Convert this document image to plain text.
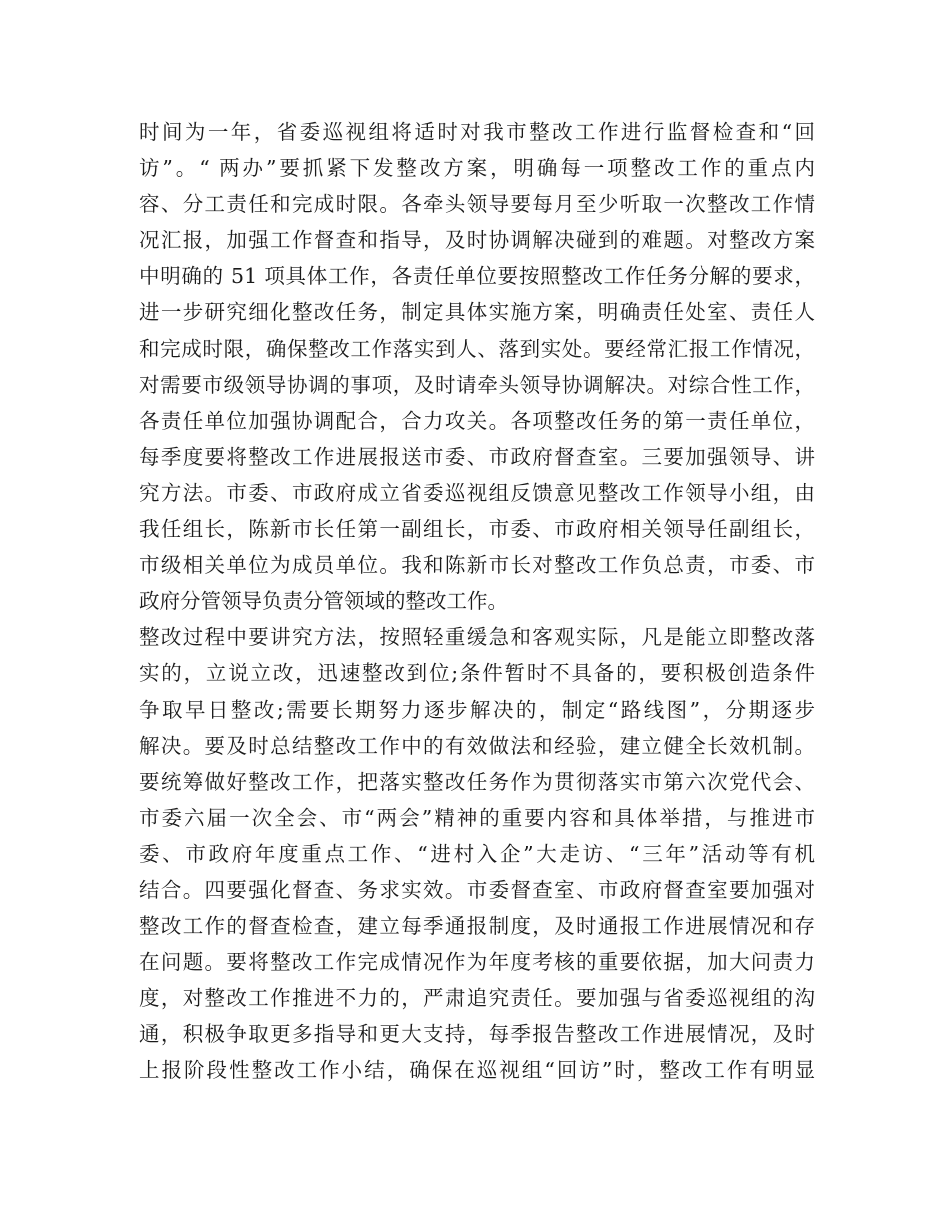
时间为一年，省委巡视组将适时对我市整改工作进行监督检查和“回
访”。“ 两办”要抓紧下发整改方案，明确每一项整改工作的重点内
容、分工责任和完成时限。各牵头领导要每月至少听取一次整改工作情
况汇报，加强工作督查和指导，及时协调解决碰到的难题。对整改方案
中明确的 51 项具体工作，各责任单位要按照整改工作任务分解的要求，
进一步研究细化整改任务，制定具体实施方案，明确责任处室、责任人
和完成时限，确保整改工作落实到人、落到实处。要经常汇报工作情况，
对需要市级领导协调的事项，及时请牵头领导协调解决。对综合性工作，
各责任单位加强协调配合，合力攻关。各项整改任务的第一责任单位，
每季度要将整改工作进展报送市委、市政府督查室。三要加强领导、讲
究方法。市委、市政府成立省委巡视组反馈意见整改工作领导小组，由
我任组长，陈新市长任第一副组长，市委、市政府相关领导任副组长，
市级相关单位为成员单位。我和陈新市长对整改工作负总责，市委、市
政府分管领导负责分管领域的整改工作。
整改过程中要讲究方法，按照轻重缓急和客观实际，凡是能立即整改落
实的，立说立改，迅速整改到位;条件暂时不具备的，要积极创造条件
争取早日整改;需要长期努力逐步解决的，制定“路线图”，分期逐步
解决。要及时总结整改工作中的有效做法和经验，建立健全长效机制。
要统筹做好整改工作，把落实整改任务作为贯彻落实市第六次党代会、
市委六届一次全会、市“两会”精神的重要内容和具体举措，与推进市
委、市政府年度重点工作、“进村入企”大走访、“三年”活动等有机
结合。四要强化督查、务求实效。市委督查室、市政府督查室要加强对
整改工作的督查检查，建立每季通报制度，及时通报工作进展情况和存
在问题。要将整改工作完成情况作为年度考核的重要依据，加大问责力
度，对整改工作推进不力的，严肃追究责任。要加强与省委巡视组的沟
通，积极争取更多指导和更大支持，每季报告整改工作进展情况，及时
上报阶段性整改工作小结，确保在巡视组“回访”时，整改工作有明显
